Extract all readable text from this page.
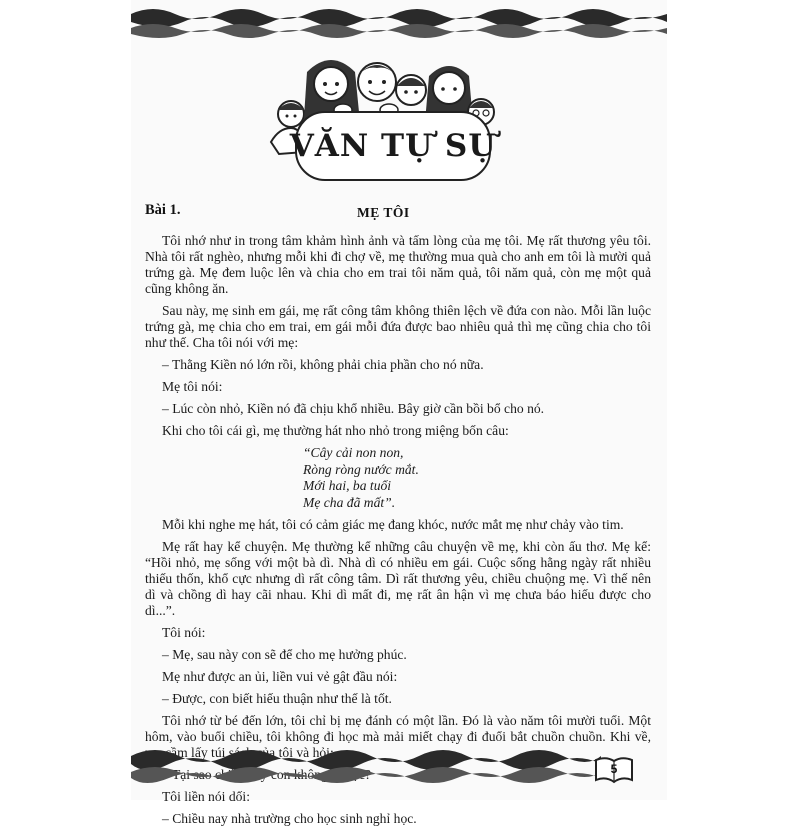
VĂN TỰ SỰ
Bài 1.	MẸ TÔI

Tôi nhớ như in trong tâm khảm hình ảnh và tấm lòng của mẹ tôi. Mẹ rất thương yêu tôi. Nhà tôi rất nghèo, nhưng mỗi khi đi chợ về, mẹ thường mua quà cho anh em tôi là mười quả trứng gà. Mẹ đem luộc lên và chia cho em trai tôi năm quả, tôi năm quả, còn mẹ một quả cũng không ăn.

Sau này, mẹ sinh em gái, mẹ rất công tâm không thiên lệch về đứa con nào. Mỗi lần luộc trứng gà, mẹ chia cho em trai, em gái mỗi đứa được bao nhiêu quả thì mẹ cũng chia cho tôi như thế. Cha tôi nói với mẹ:

– Thằng Kiền nó lớn rồi, không phải chia phần cho nó nữa.

Mẹ tôi nói:

– Lúc còn nhỏ, Kiền nó đã chịu khổ nhiều. Bây giờ cần bồi bổ cho nó.

Khi cho tôi cái gì, mẹ thường hát nho nhỏ trong miệng bốn câu:

“Cây cải non non,
Ròng ròng nước mắt.
Mới hai, ba tuổi
Mẹ cha đã mất”.

Mỗi khi nghe mẹ hát, tôi có cảm giác mẹ đang khóc, nước mắt mẹ như chảy vào tim.

Mẹ rất hay kể chuyện. Mẹ thường kể những câu chuyện về mẹ, khi còn ấu thơ. Mẹ kể: “Hồi nhỏ, mẹ sống với một bà dì. Nhà dì có nhiều em gái. Cuộc sống hằng ngày rất nhiều thiếu thốn, khổ cực nhưng dì rất công tâm. Dì rất thương yêu, chiều chuộng mẹ. Vì thế nên dì và chồng dì hay cãi nhau. Khi dì mất đi, mẹ rất ân hận vì mẹ chưa báo hiếu được cho dì...”.

Tôi nói:

– Mẹ, sau này con sẽ để cho mẹ hưởng phúc.

Mẹ như được an ủi, liền vui vẻ gật đầu nói:

– Được, con biết hiếu thuận như thế là tốt.

Tôi nhớ từ bé đến lớn, tôi chỉ bị mẹ đánh có một lần. Đó là vào năm tôi mười tuổi. Một hôm, vào buổi chiều, tôi không đi học mà mải miết chạy đi đuổi bắt chuồn chuồn. Khi về, cầm lấy túi tôi và hỏi:

Tôi liền nói dối:

– Chiều nay nhà trường cho học sinh nghỉ học.

5
